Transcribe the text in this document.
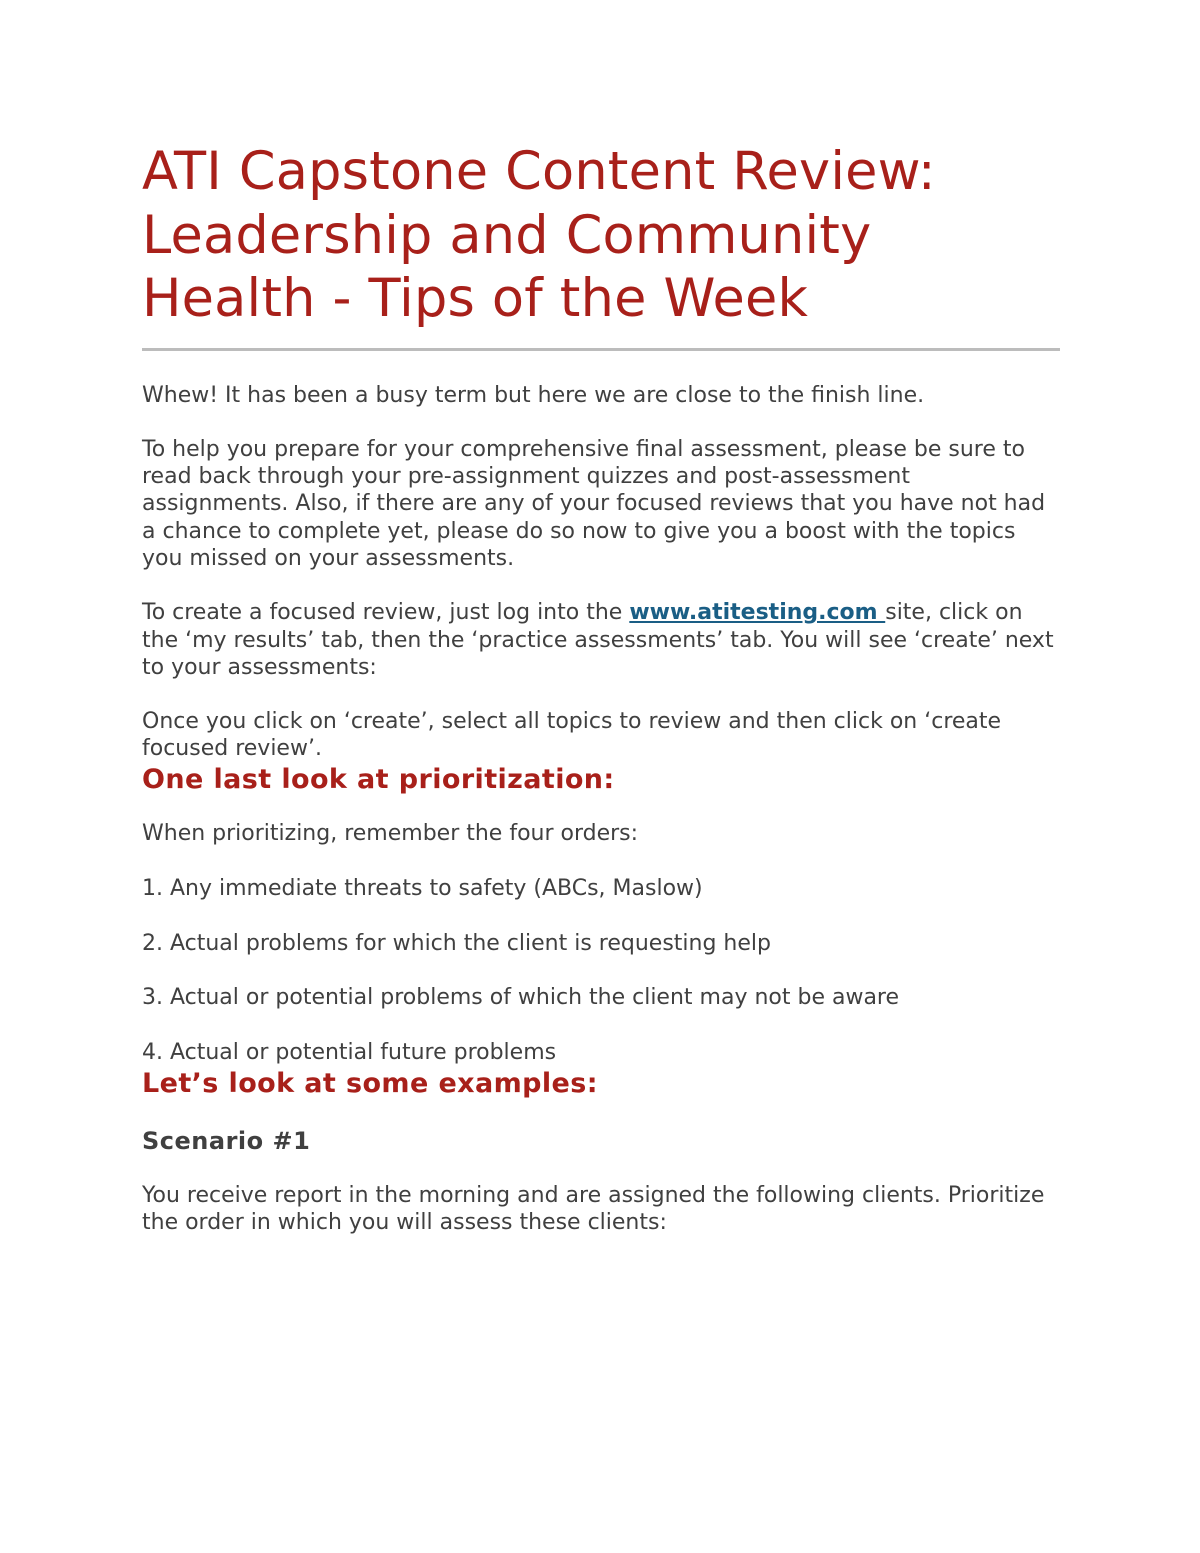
ATI Capstone Content Review: Leadership and Community Health - Tips of the Week

Whew! It has been a busy term but here we are close to the finish line.

To help you prepare for your comprehensive final assessment, please be sure to read back through your pre-assignment quizzes and post-assessment assignments. Also, if there are any of your focused reviews that you have not had a chance to complete yet, please do so now to give you a boost with the topics you missed on your assessments.

To create a focused review, just log into the www.atitesting.com site, click on the ‘my results’ tab, then the ‘practice assessments’ tab. You will see ‘create’ next to your assessments:

Once you click on ‘create’, select all topics to review and then click on ‘create focused review’.

One last look at prioritization:

When prioritizing, remember the four orders:

1. Any immediate threats to safety (ABCs, Maslow)

2. Actual problems for which the client is requesting help

3. Actual or potential problems of which the client may not be aware

4. Actual or potential future problems

Let’s look at some examples:
Scenario #1

You receive report in the morning and are assigned the following clients. Prioritize the order in which you will assess these clients:
